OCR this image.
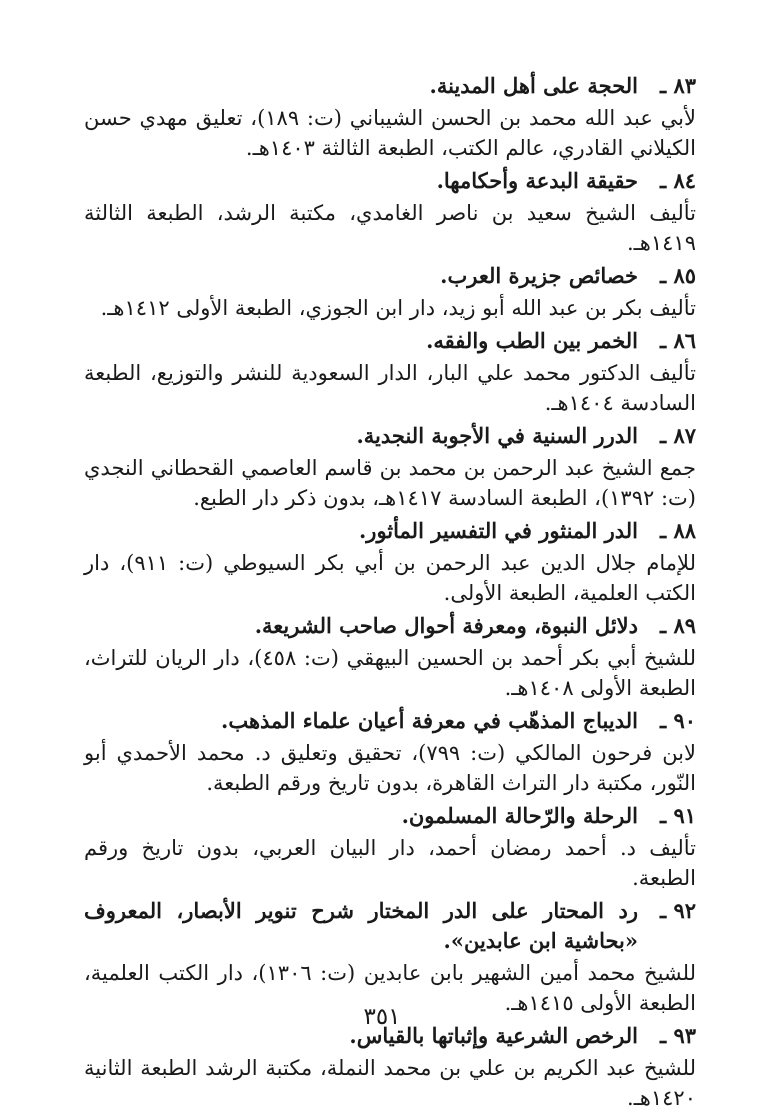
٨٣ ـ
الحجة على أهل المدينة.

لأبي عبد الله محمد بن الحسن الشيباني (ت: ١٨٩)، تعليق مهدي حسن الكيلاني القادري، عالم الكتب، الطبعة الثالثة ١٤٠٣هـ.

٨٤ ـ
حقيقة البدعة وأحكامها.

تأليف الشيخ سعيد بن ناصر الغامدي، مكتبة الرشد، الطبعة الثالثة ١٤١٩هـ.

٨٥ ـ
خصائص جزيرة العرب.

تأليف بكر بن عبد الله أبو زيد، دار ابن الجوزي، الطبعة الأولى ١٤١٢هـ.

٨٦ ـ
الخمر بين الطب والفقه.

تأليف الدكتور محمد علي البار، الدار السعودية للنشر والتوزيع، الطبعة السادسة ١٤٠٤هـ.

٨٧ ـ
الدرر السنية في الأجوبة النجدية.

جمع الشيخ عبد الرحمن بن محمد بن قاسم العاصمي القحطاني النجدي (ت: ١٣٩٢)، الطبعة السادسة ١٤١٧هـ، بدون ذكر دار الطبع.

٨٨ ـ
الدر المنثور في التفسير المأثور.

للإمام جلال الدين عبد الرحمن بن أبي بكر السيوطي (ت: ٩١١)، دار الكتب العلمية، الطبعة الأولى.

٨٩ ـ
دلائل النبوة، ومعرفة أحوال صاحب الشريعة.

للشيخ أبي بكر أحمد بن الحسين البيهقي (ت: ٤٥٨)، دار الريان للتراث، الطبعة الأولى ١٤٠٨هـ.

٩٠ ـ
الديباج المذهّب في معرفة أعيان علماء المذهب.

لابن فرحون المالكي (ت: ٧٩٩)، تحقيق وتعليق د. محمد الأحمدي أبو النّور، مكتبة دار التراث القاهرة، بدون تاريخ ورقم الطبعة.

٩١ ـ
الرحلة والرّحالة المسلمون.

تأليف د. أحمد رمضان أحمد، دار البيان العربي، بدون تاريخ ورقم الطبعة.

٩٢ ـ
رد المحتار على الدر المختار شرح تنوير الأبصار، المعروف «بحاشية ابن عابدين».

للشيخ محمد أمين الشهير بابن عابدين (ت: ١٣٠٦)، دار الكتب العلمية، الطبعة الأولى ١٤١٥هـ.

٩٣ ـ
الرخص الشرعية وإثباتها بالقياس.

للشيخ عبد الكريم بن علي بن محمد النملة، مكتبة الرشد الطبعة الثانية ١٤٢٠هـ.

٣٥١
